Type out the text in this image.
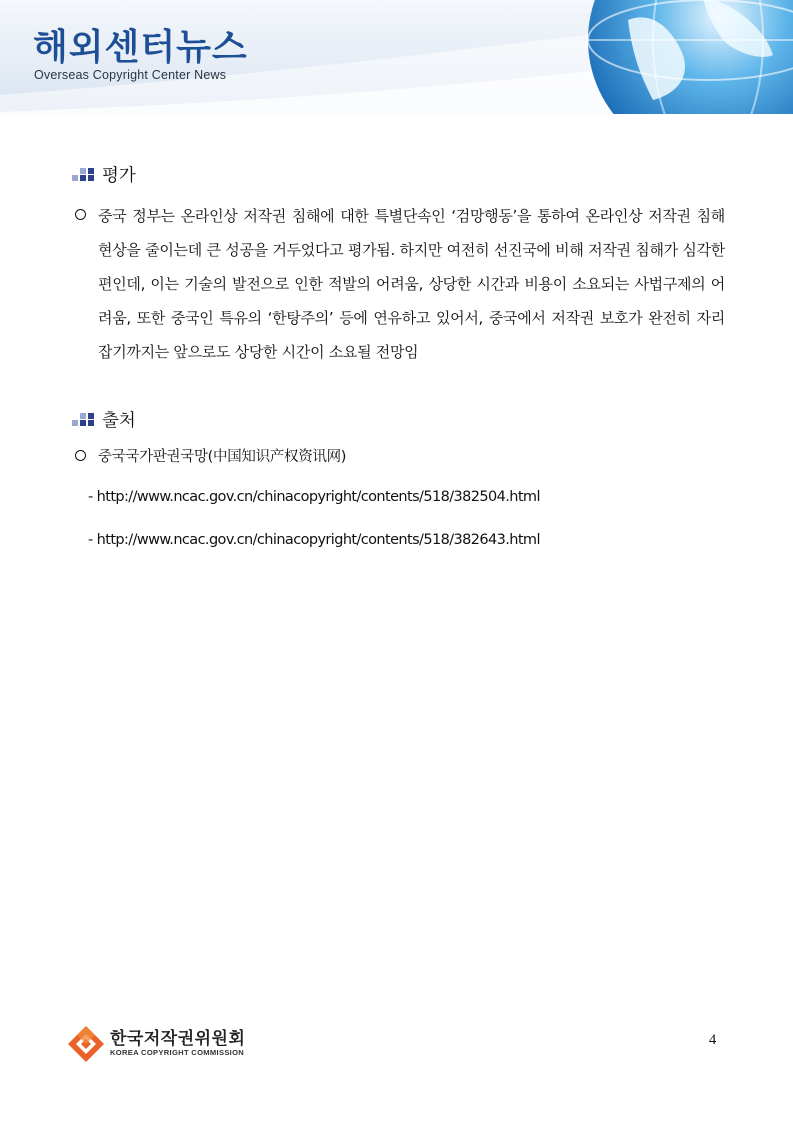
해외센터뉴스
Overseas Copyright Center News
평가
중국 정부는 온라인상 저작권 침해에 대한 특별단속인 ‘검망행동’을 통하여 온라인상 저작권 침해 현상을 줄이는데 큰 성공을 거두었다고 평가됨. 하지만 여전히 선진국에 비해 저작권 침해가 심각한 편인데, 이는 기술의 발전으로 인한 적발의 어려움, 상당한 시간과 비용이 소요되는 사법구제의 어려움, 또한 중국인 특유의 ‘한탕주의’ 등에 연유하고 있어서, 중국에서 저작권 보호가 완전히 자리 잡기까지는 앞으로도 상당한 시간이 소요될 전망임
출처
중국국가판권국망(中国知识产权资讯网)
- http://www.ncac.gov.cn/chinacopyright/contents/518/382504.html
- http://www.ncac.gov.cn/chinacopyright/contents/518/382643.html
한국저작권위원회
KOREA COPYRIGHT COMMISSION
4
